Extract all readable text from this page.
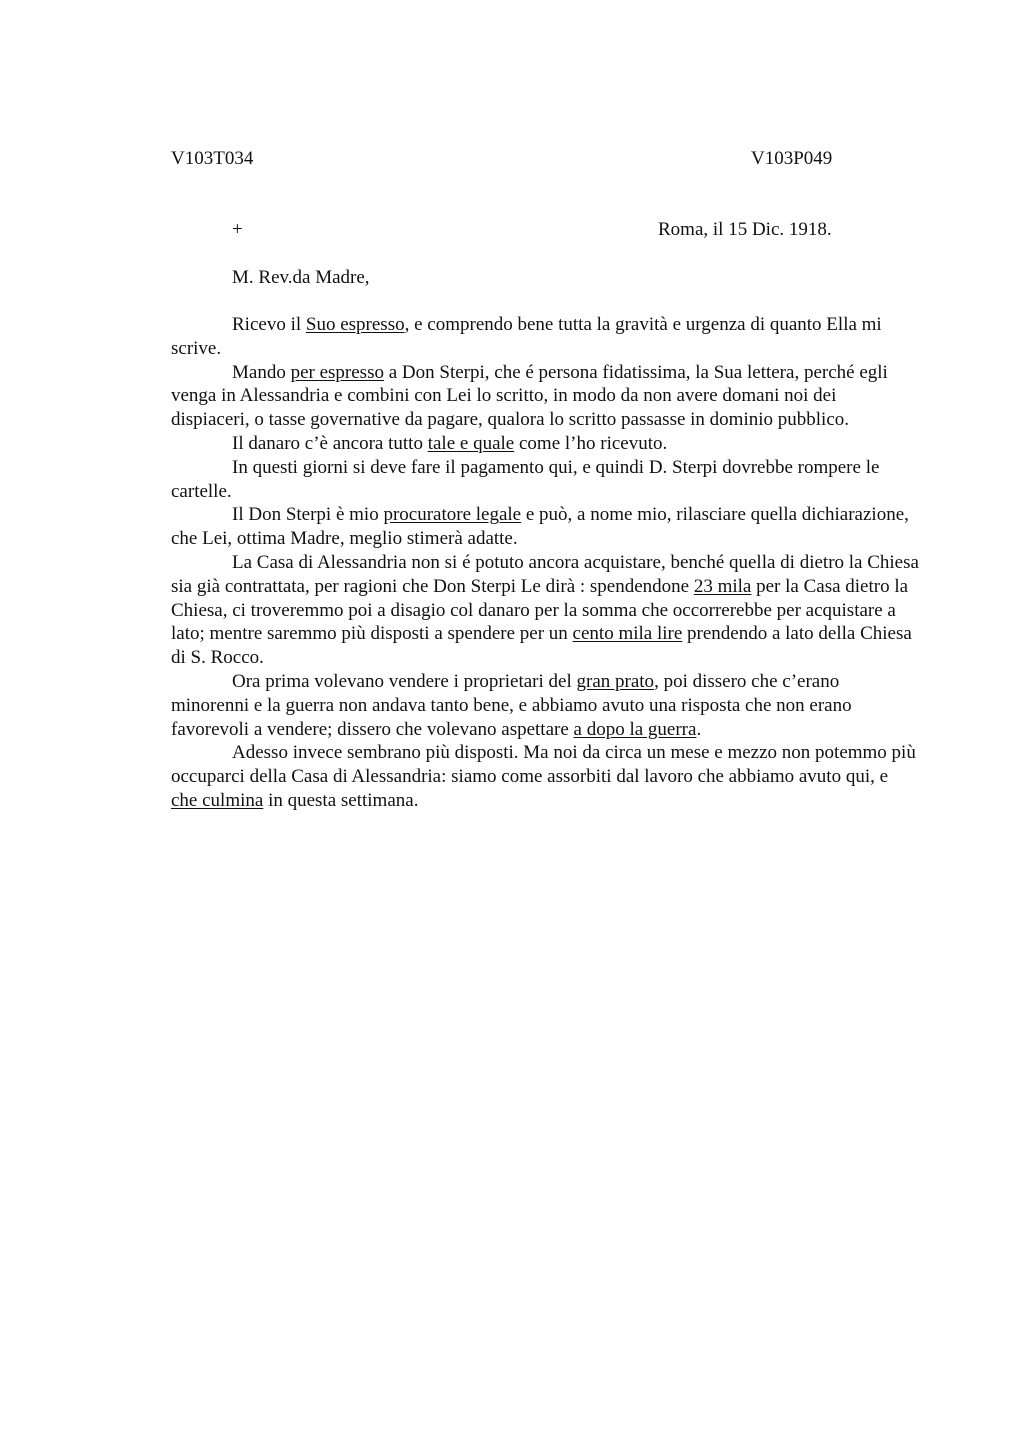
V103T034	V103P049
+	Roma, il 15 Dic. 1918.
M. Rev.da Madre,

Ricevo il Suo espresso, e comprendo bene tutta la gravità e urgenza di quanto Ella mi scrive.

Mando per espresso a Don Sterpi, che é persona fidatissima, la Sua lettera, perché egli venga in Alessandria e combini con Lei lo scritto, in modo da non avere domani noi dei dispiaceri, o tasse governative da pagare, qualora lo scritto passasse in dominio pubblico.

Il danaro c’è ancora tutto tale e quale come l’ho ricevuto.

In questi giorni si deve fare il pagamento qui, e quindi D. Sterpi dovrebbe rompere le cartelle.

Il Don Sterpi è mio procuratore legale e può, a nome mio, rilasciare quella dichiarazione, che Lei, ottima Madre, meglio stimerà adatte.

La Casa di Alessandria non si é potuto ancora acquistare, benché quella di dietro la Chiesa sia già contrattata, per ragioni che Don Sterpi Le dirà : spendendone 23 mila per la Casa dietro la Chiesa, ci troveremmo poi a disagio col danaro per la somma che occorrerebbe per acquistare a lato; mentre saremmo più disposti a spendere per un cento mila lire prendendo a lato della Chiesa di S. Rocco.

Ora prima volevano vendere i proprietari del gran prato, poi dissero che c’erano minorenni e la guerra non andava tanto bene, e abbiamo avuto una risposta che non erano favorevoli a vendere; dissero che volevano aspettare a dopo la guerra.

Adesso invece sembrano più disposti. Ma noi da circa un mese e mezzo non potemmo più occuparci della Casa di Alessandria: siamo come assorbiti dal lavoro che abbiamo avuto qui, e che culmina in questa settimana.
